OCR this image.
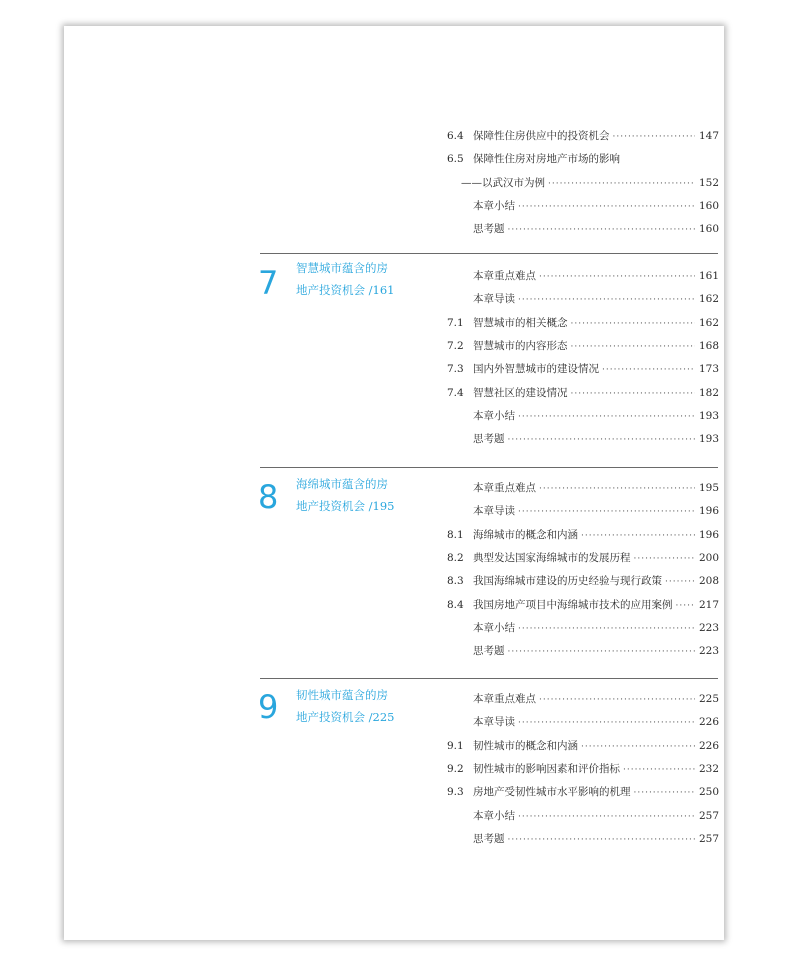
6.4 保障性住房供应中的投资机会 ·····	147
6.5 保障性住房对房地产市场的影响
——以武汉市为例 ·····	152
本章小结 ·····	160
思考题 ·····	160
7	智慧城市蕴含的房
地产投资机会 /161
本章重点难点 ·····	161
本章导读 ·····	162
7.1 智慧城市的相关概念 ·····	162
7.2 智慧城市的内容形态 ·····	168
7.3 国内外智慧城市的建设情况 ·····	173
7.4 智慧社区的建设情况 ·····	182
本章小结 ·····	193
思考题 ·····	193
8	海绵城市蕴含的房
地产投资机会 /195
本章重点难点 ·····	195
本章导读 ·····	196
8.1 海绵城市的概念和内涵 ·····	196
8.2 典型发达国家海绵城市的发展历程 ·····	200
8.3 我国海绵城市建设的历史经验与现行政策 ·····	208
8.4 我国房地产项目中海绵城市技术的应用案例 ·····	217
本章小结 ·····	223
思考题 ·····	223
9	韧性城市蕴含的房
地产投资机会 /225
本章重点难点 ·····	225
本章导读 ·····	226
9.1 韧性城市的概念和内涵 ·····	226
9.2 韧性城市的影响因素和评价指标 ·····	232
9.3 房地产受韧性城市水平影响的机理 ·····	250
本章小结 ·····	257
思考题 ·····	257
